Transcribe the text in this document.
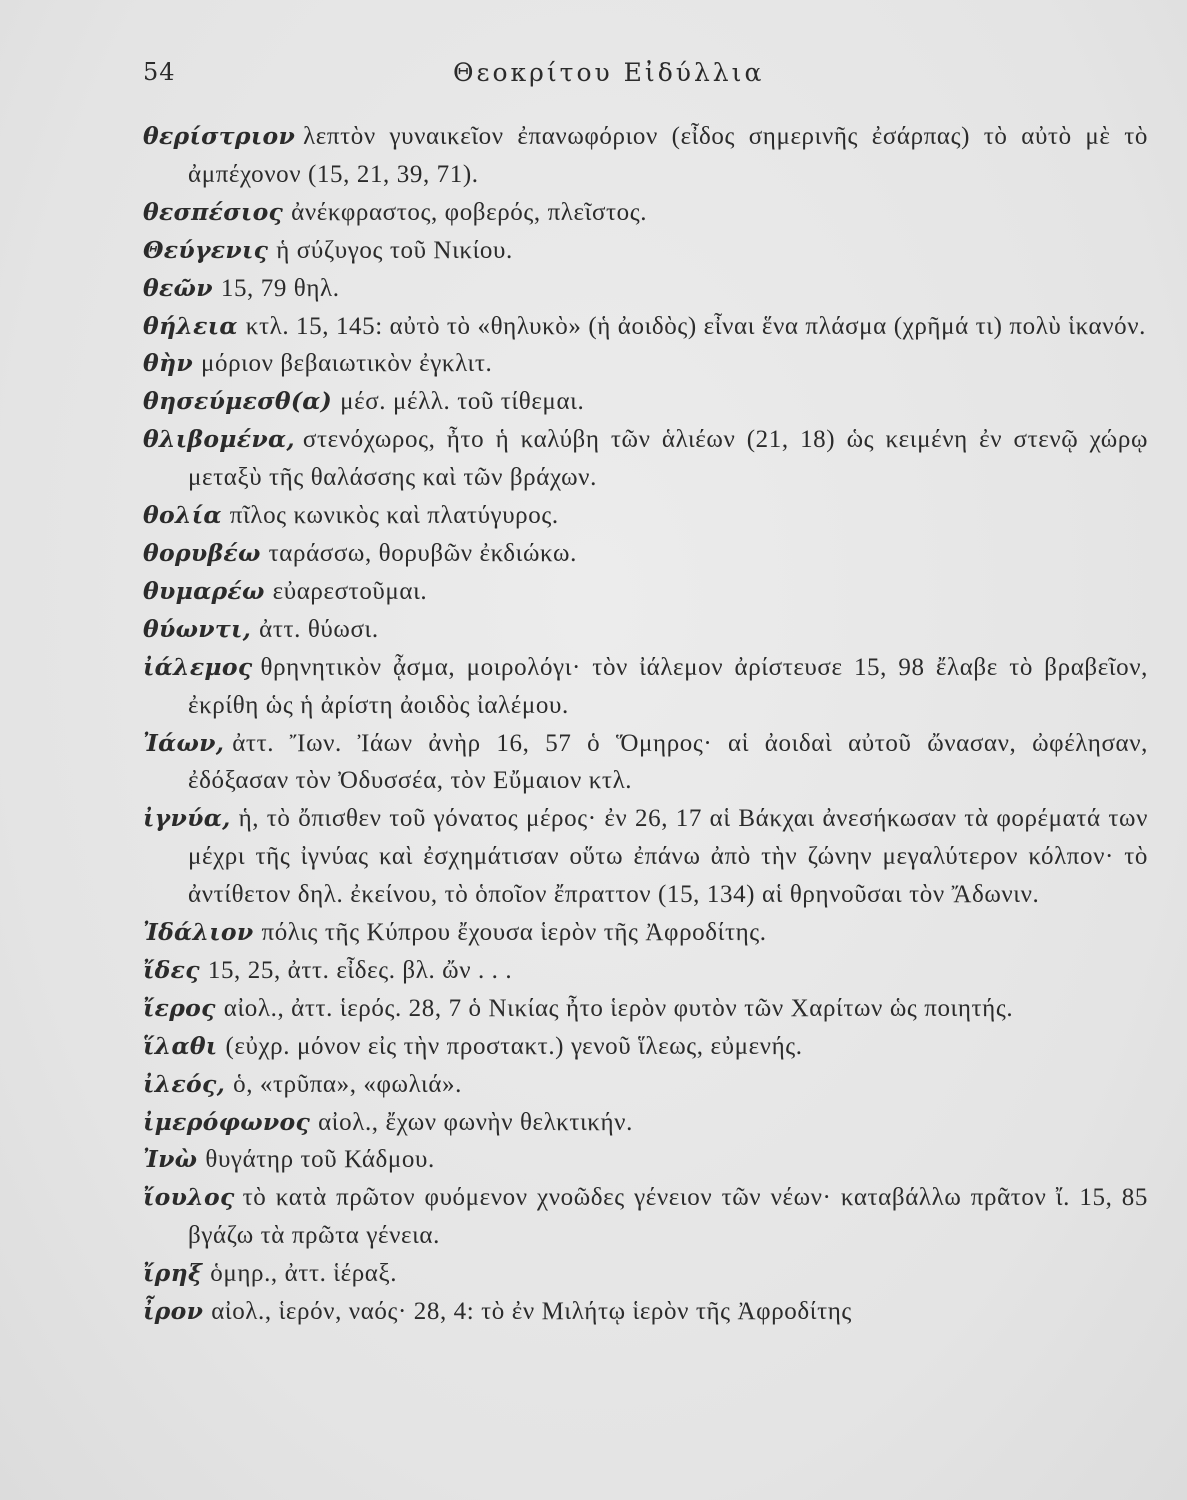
54	Θεοκρίτου Εἰδύλλια
θερίστριον λεπτὸν γυναικεῖον ἐπανωφόριον (εἶδος σημερινῆς ἐσάρπας) τὸ αὐτὸ μὲ τὸ ἀμπέχονον (15, 21, 39, 71).
θεσπέσιος ἀνέκφραστος, φοβερός, πλεῖστος.
Θεύγενις ἡ σύζυγος τοῦ Νικίου.
θεῶν 15, 79 θηλ.
θήλεια κτλ. 15, 145: αὐτὸ τὸ «θηλυκὸ» (ἡ ἀοιδὸς) εἶναι ἕνα πλάσμα (χρῆμά τι) πολὺ ἱκανόν.
θὴν μόριον βεβαιωτικὸν ἐγκλιτ.
θησεύμεσθ(α) μέσ. μέλλ. τοῦ τίθεμαι.
θλιβομένα, στενόχωρος, ἦτο ἡ καλύβη τῶν ἁλιέων (21, 18) ὡς κειμένη ἐν στενῷ χώρῳ μεταξὺ τῆς θαλάσσης καὶ τῶν βράχων.
θολία πῖλος κωνικὸς καὶ πλατύγυρος.
θορυβέω ταράσσω, θορυβῶν ἐκδιώκω.
θυμαρέω εὐαρεστοῦμαι.
θύωντι, ἀττ. θύωσι.
ἰάλεμος θρηνητικὸν ᾆσμα, μοιρολόγι· τὸν ἰάλεμον ἀρίστευσε 15, 98 ἔλαβε τὸ βραβεῖον, ἐκρίθη ὡς ἡ ἀρίστη ἀοιδὸς ἰαλέμου.
Ἰάων, ἀττ. Ἴων. Ἰάων ἀνὴρ 16, 57 ὁ Ὅμηρος· αἱ ἀοιδαὶ αὐτοῦ ὤνασαν, ὠφέλησαν, ἐδόξασαν τὸν Ὀδυσσέα, τὸν Εὔμαιον κτλ.
ἰγνύα, ἡ, τὸ ὄπισθεν τοῦ γόνατος μέρος· ἐν 26, 17 αἱ Βάκχαι ἀνεσήκωσαν τὰ φορέματά των μέχρι τῆς ἰγνύας καὶ ἐσχημάτισαν οὕτω ἐπάνω ἀπὸ τὴν ζώνην μεγαλύτερον κόλπον· τὸ ἀντίθετον δηλ. ἐκείνου, τὸ ὁποῖον ἔπραττον (15, 134) αἱ θρηνοῦσαι τὸν Ἄδωνιν.
Ἰδάλιον πόλις τῆς Κύπρου ἔχουσα ἱερὸν τῆς Ἀφροδίτης.
ἴδες 15, 25, ἀττ. εἶδες. βλ. ὤν . . .
ἴερος αἰολ., ἀττ. ἱερός. 28, 7 ὁ Νικίας ἦτο ἱερὸν φυτὸν τῶν Χαρίτων ὡς ποιητής.
ἵλαθι (εὐχρ. μόνον εἰς τὴν προστακτ.) γενοῦ ἵλεως, εὐμενής.
ἰλεός, ὁ, «τρῦπα», «φωλιά».
ἰμερόφωνος αἰολ., ἔχων φωνὴν θελκτικήν.
Ἰνὼ θυγάτηρ τοῦ Κάδμου.
ἴουλος τὸ κατὰ πρῶτον φυόμενον χνοῶδες γένειον τῶν νέων· καταβάλλω πρᾶτον ἴ. 15, 85 βγάζω τὰ πρῶτα γένεια.
ἴρηξ ὁμηρ., ἀττ. ἱέραξ.
ἶρον αἰολ., ἱερόν, ναός· 28, 4: τὸ ἐν Μιλήτῳ ἱερὸν τῆς Ἀφροδίτης
